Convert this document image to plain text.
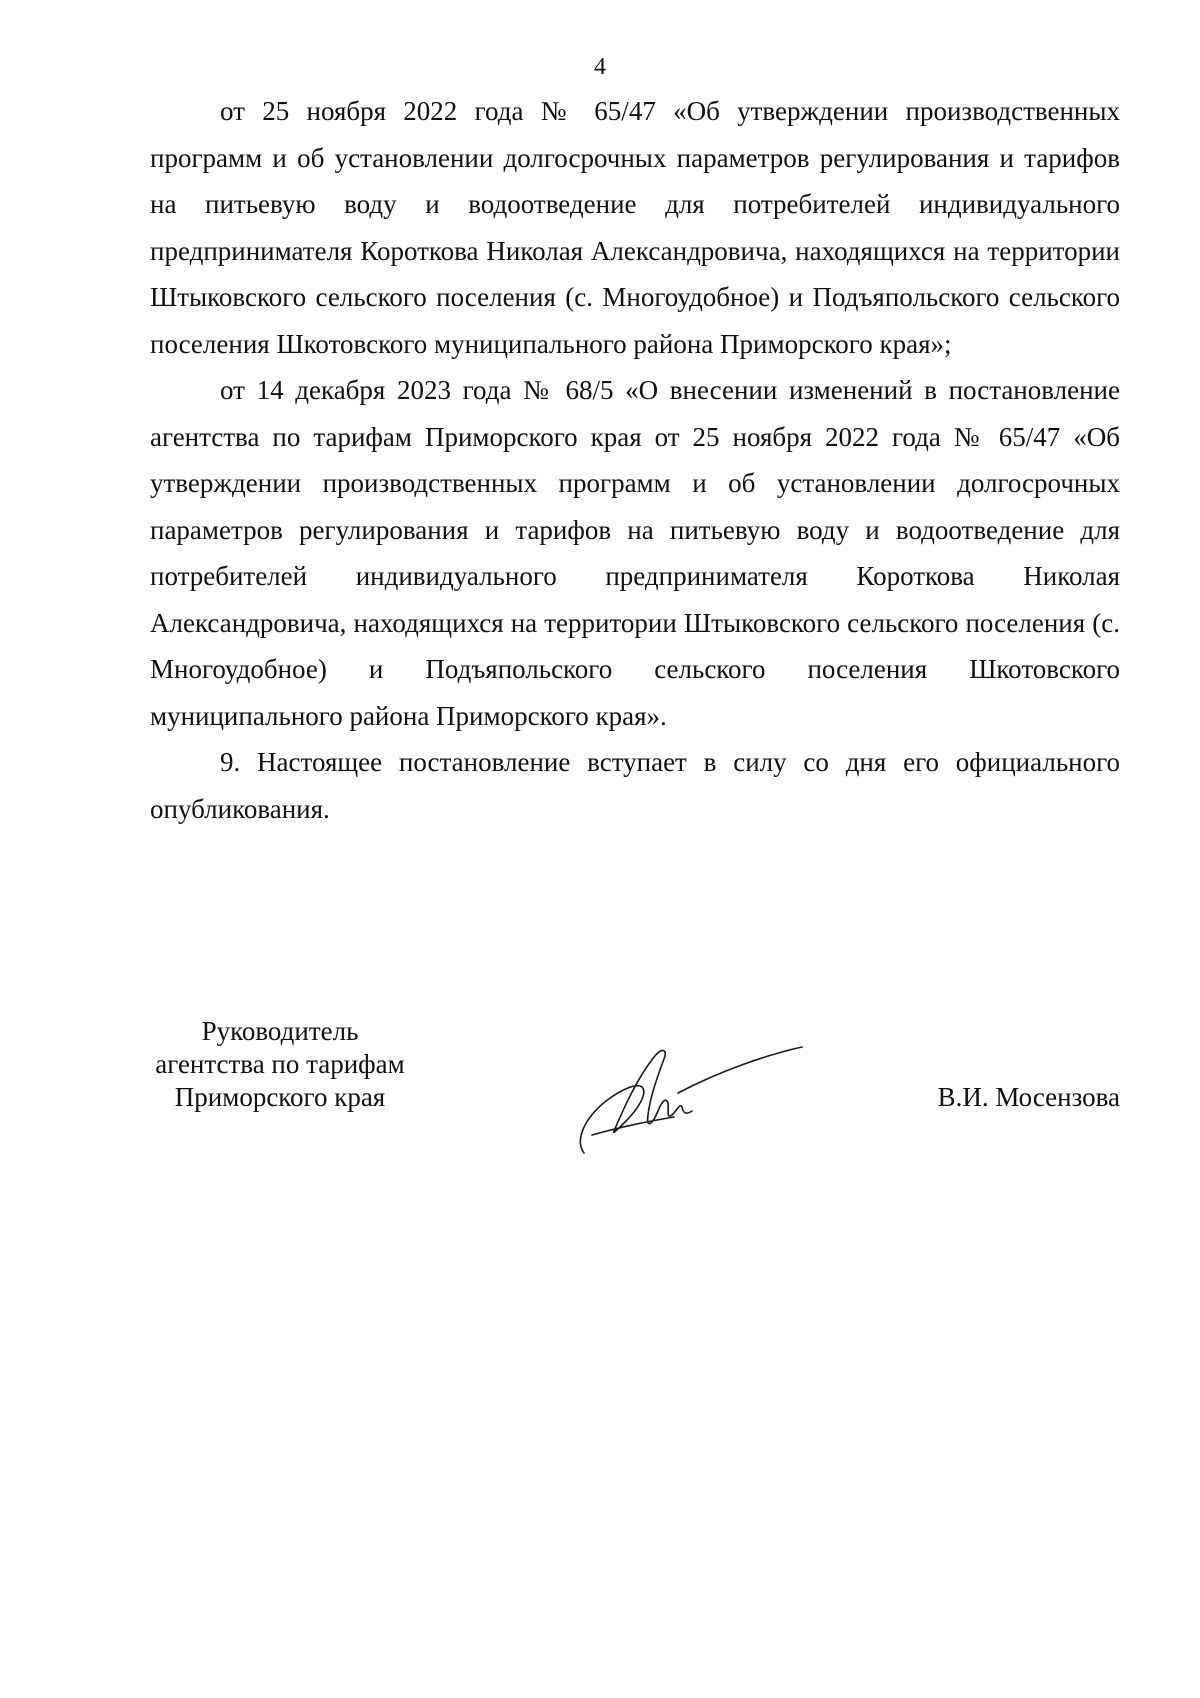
4

от 25 ноября 2022 года № 65/47 «Об утверждении производственных программ и об установлении долгосрочных параметров регулирования и тарифов на питьевую воду и водоотведение для потребителей индивидуального предпринимателя Короткова Николая Александровича, находящихся на территории Штыковского сельского поселения (с. Многоудобное) и Подъяпольского сельского поселения Шкотовского муниципального района Приморского края»;

от 14 декабря 2023 года № 68/5 «О внесении изменений в постановление агентства по тарифам Приморского края от 25 ноября 2022 года № 65/47 «Об утверждении производственных программ и об установлении долгосрочных параметров регулирования и тарифов на питьевую воду и водоотведение для потребителей индивидуального предпринимателя Короткова Николая Александровича, находящихся на территории Штыковского сельского поселения (с. Многоудобное) и Подъяпольского сельского поселения Шкотовского муниципального района Приморского края».

9. Настоящее постановление вступает в силу со дня его официального опубликования.

Руководитель
агентства по тарифам
Приморского края	В.И. Мосензова
